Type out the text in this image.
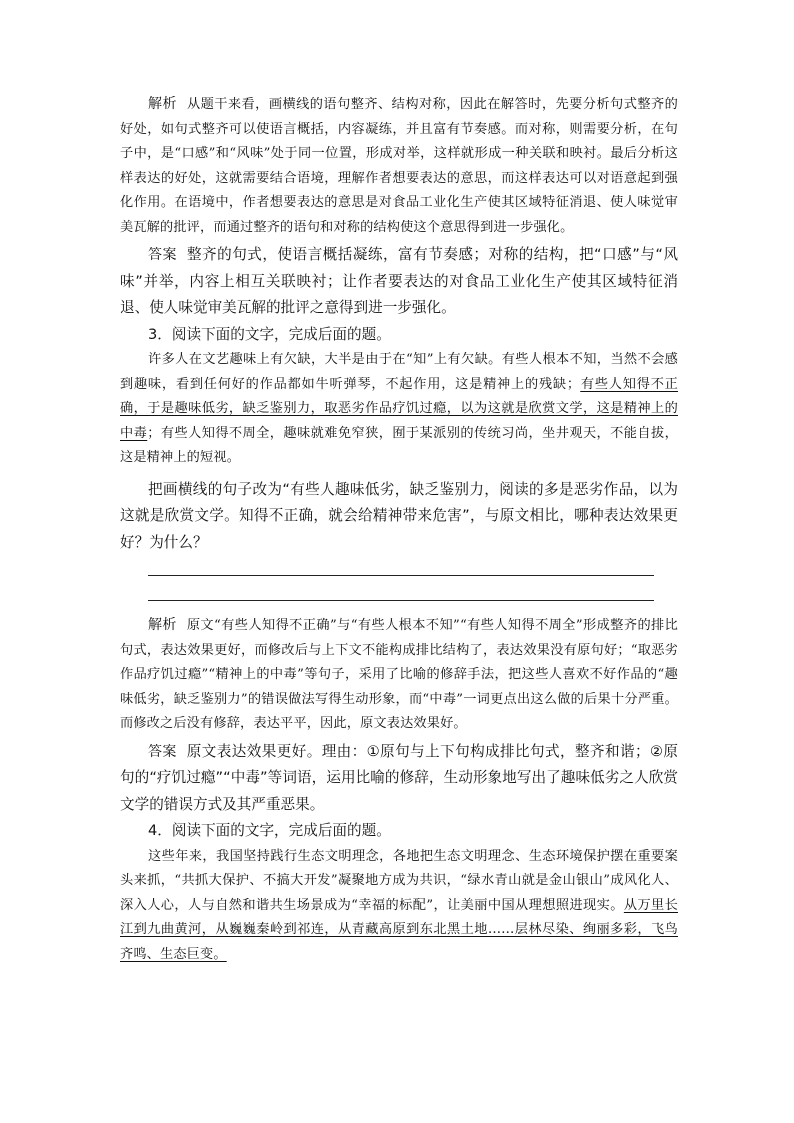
解析 从题干来看，画横线的语句整齐、结构对称，因此在解答时，先要分析句式整齐的好处，如句式整齐可以使语言概括，内容凝练，并且富有节奏感。而对称，则需要分析，在句子中，是“口感”和“风味”处于同一位置，形成对举，这样就形成一种关联和映衬。最后分析这样表达的好处，这就需要结合语境，理解作者想要表达的意思，而这样表达可以对语意起到强化作用。在语境中，作者想要表达的意思是对食品工业化生产使其区域特征消退、使人味觉审美瓦解的批评，而通过整齐的语句和对称的结构使这个意思得到进一步强化。

答案 整齐的句式，使语言概括凝练，富有节奏感；对称的结构，把“口感”与“风味”并举，内容上相互关联映衬；让作者要表达的对食品工业化生产使其区域特征消退、使人味觉审美瓦解的批评之意得到进一步强化。

3．阅读下面的文字，完成后面的题。

许多人在文艺趣味上有欠缺，大半是由于在“知”上有欠缺。有些人根本不知，当然不会感到趣味，看到任何好的作品都如牛听弹琴，不起作用，这是精神上的残缺；有些人知得不正确，于是趣味低劣，缺乏鉴别力，取恶劣作品疗饥过瘾，以为这就是欣赏文学，这是精神上的中毒；有些人知得不周全，趣味就难免窄狭，囿于某派别的传统习尚，坐井观天，不能自拔，这是精神上的短视。

把画横线的句子改为“有些人趣味低劣，缺乏鉴别力，阅读的多是恶劣作品，以为这就是欣赏文学。知得不正确，就会给精神带来危害”，与原文相比，哪种表达效果更好？为什么？

解析 原文“有些人知得不正确”与“有些人根本不知”“有些人知得不周全”形成整齐的排比句式，表达效果更好，而修改后与上下文不能构成排比结构了，表达效果没有原句好；“取恶劣作品疗饥过瘾”“精神上的中毒”等句子，采用了比喻的修辞手法，把这些人喜欢不好作品的“趣味低劣，缺乏鉴别力”的错误做法写得生动形象，而“中毒”一词更点出这么做的后果十分严重。而修改之后没有修辞，表达平平，因此，原文表达效果好。

答案 原文表达效果更好。理由：①原句与上下句构成排比句式，整齐和谐；②原句的“疗饥过瘾”“中毒”等词语，运用比喻的修辞，生动形象地写出了趣味低劣之人欣赏文学的错误方式及其严重恶果。

4．阅读下面的文字，完成后面的题。

这些年来，我国坚持践行生态文明理念，各地把生态文明理念、生态环境保护摆在重要案头来抓，“共抓大保护、不搞大开发”凝聚地方成为共识，“绿水青山就是金山银山”成风化人、深入人心，人与自然和谐共生场景成为“幸福的标配”，让美丽中国从理想照进现实。从万里长江到九曲黄河，从巍巍秦岭到祁连，从青藏高原到东北黑土地……层林尽染、绚丽多彩，飞鸟齐鸣、生态巨变。
